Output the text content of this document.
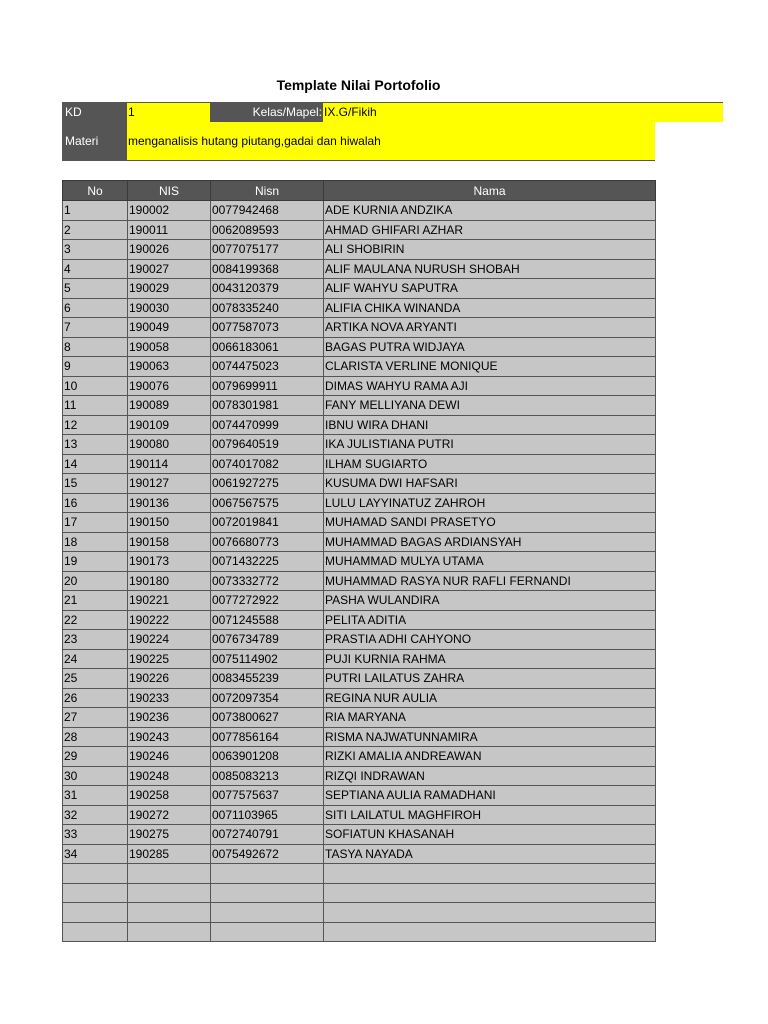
Template Nilai Portofolio
KD	1	Kelas/Mapel: IX.G/Fikih
Materi	menganalisis hutang piutang,gadai dan hiwalah
No	NIS	Nisn	Nama
1	190002	0077942468	ADE KURNIA ANDZIKA
2	190011	0062089593	AHMAD GHIFARI AZHAR
3	190026	0077075177	ALI SHOBIRIN
4	190027	0084199368	ALIF MAULANA NURUSH SHOBAH
5	190029	0043120379	ALIF WAHYU SAPUTRA
6	190030	0078335240	ALIFIA CHIKA WINANDA
7	190049	0077587073	ARTIKA NOVA ARYANTI
8	190058	0066183061	BAGAS PUTRA WIDJAYA
9	190063	0074475023	CLARISTA VERLINE MONIQUE
10	190076	0079699911	DIMAS WAHYU RAMA AJI
11	190089	0078301981	FANY MELLIYANA DEWI
12	190109	0074470999	IBNU WIRA DHANI
13	190080	0079640519	IKA JULISTIANA PUTRI
14	190114	0074017082	ILHAM SUGIARTO
15	190127	0061927275	KUSUMA DWI HAFSARI
16	190136	0067567575	LULU LAYYINATUZ ZAHROH
17	190150	0072019841	MUHAMAD SANDI PRASETYO
18	190158	0076680773	MUHAMMAD BAGAS ARDIANSYAH
19	190173	0071432225	MUHAMMAD MULYA UTAMA
20	190180	0073332772	MUHAMMAD RASYA NUR RAFLI FERNANDI
21	190221	0077272922	PASHA WULANDIRA
22	190222	0071245588	PELITA ADITIA
23	190224	0076734789	PRASTIA ADHI CAHYONO
24	190225	0075114902	PUJI KURNIA RAHMA
25	190226	0083455239	PUTRI LAILATUS ZAHRA
26	190233	0072097354	REGINA NUR AULIA
27	190236	0073800627	RIA MARYANA
28	190243	0077856164	RISMA NAJWATUNNAMIRA
29	190246	0063901208	RIZKI AMALIA ANDREAWAN
30	190248	0085083213	RIZQI INDRAWAN
31	190258	0077575637	SEPTIANA AULIA RAMADHANI
32	190272	0071103965	SITI LAILATUL MAGHFIROH
33	190275	0072740791	SOFIATUN KHASANAH
34	190285	0075492672	TASYA NAYADA
